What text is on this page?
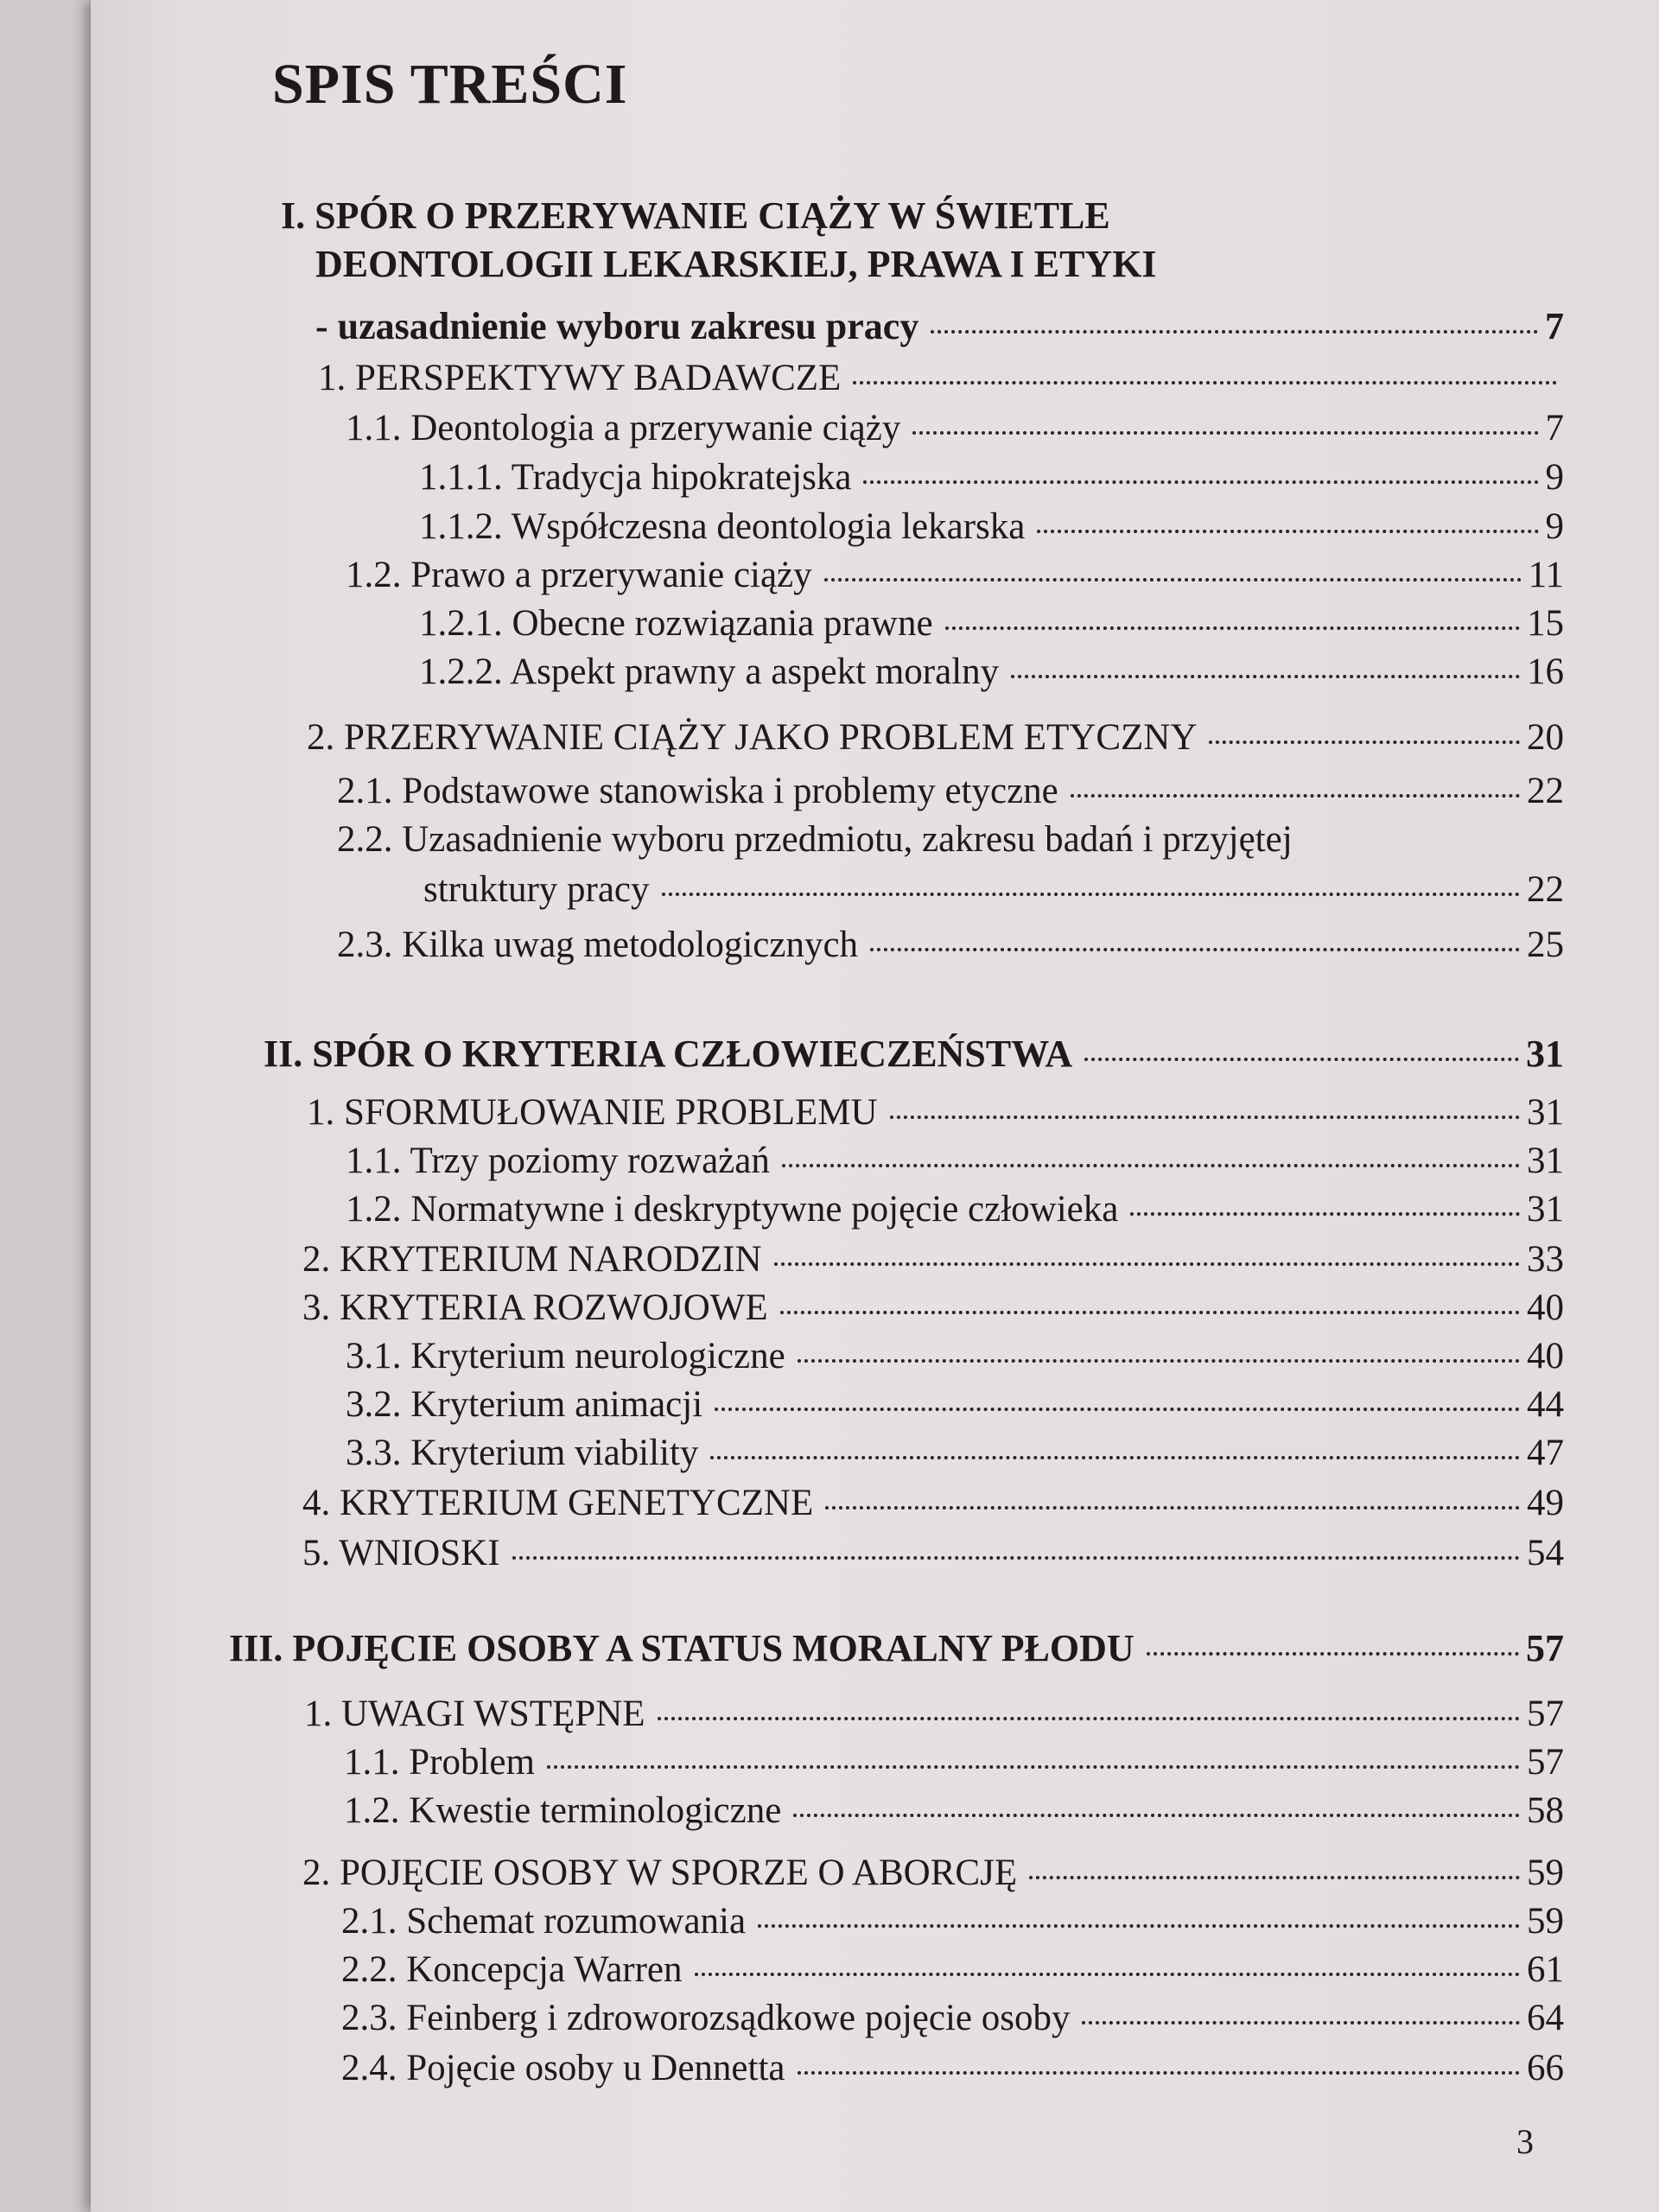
SPIS TREŚCI
I. SPÓR O PRZERYWANIE CIĄŻY W ŚWIETLE
DEONTOLOGII LEKARSKIEJ, PRAWA I ETYKI
- uzasadnienie wyboru zakresu pracy	7
1. PERSPEKTYWY BADAWCZE
1.1. Deontologia a przerywanie ciąży	7
1.1.1. Tradycja hipokratejska	9
1.1.2. Współczesna deontologia lekarska	9
1.2. Prawo a przerywanie ciąży	11
1.2.1. Obecne rozwiązania prawne	15
1.2.2. Aspekt prawny a aspekt moralny	16
2. PRZERYWANIE CIĄŻY JAKO PROBLEM ETYCZNY	20
2.1. Podstawowe stanowiska i problemy etyczne	22
2.2. Uzasadnienie wyboru przedmiotu, zakresu badań i przyjętej
struktury pracy	22
2.3. Kilka uwag metodologicznych	25
II. SPÓR O KRYTERIA CZŁOWIECZEŃSTWA	31
1. SFORMUŁOWANIE PROBLEMU	31
1.1. Trzy poziomy rozważań	31
1.2. Normatywne i deskryptywne pojęcie człowieka	31
2. KRYTERIUM NARODZIN	33
3. KRYTERIA ROZWOJOWE	40
3.1. Kryterium neurologiczne	40
3.2. Kryterium animacji	44
3.3. Kryterium viability	47
4. KRYTERIUM GENETYCZNE	49
5. WNIOSKI	54
III. POJĘCIE OSOBY A STATUS MORALNY PŁODU	57
1. UWAGI WSTĘPNE	57
1.1. Problem	57
1.2. Kwestie terminologiczne	58
2. POJĘCIE OSOBY W SPORZE O ABORCJĘ	59
2.1. Schemat rozumowania	59
2.2. Koncepcja Warren	61
2.3. Feinberg i zdroworozsądkowe pojęcie osoby	64
2.4. Pojęcie osoby u Dennetta	66
3
